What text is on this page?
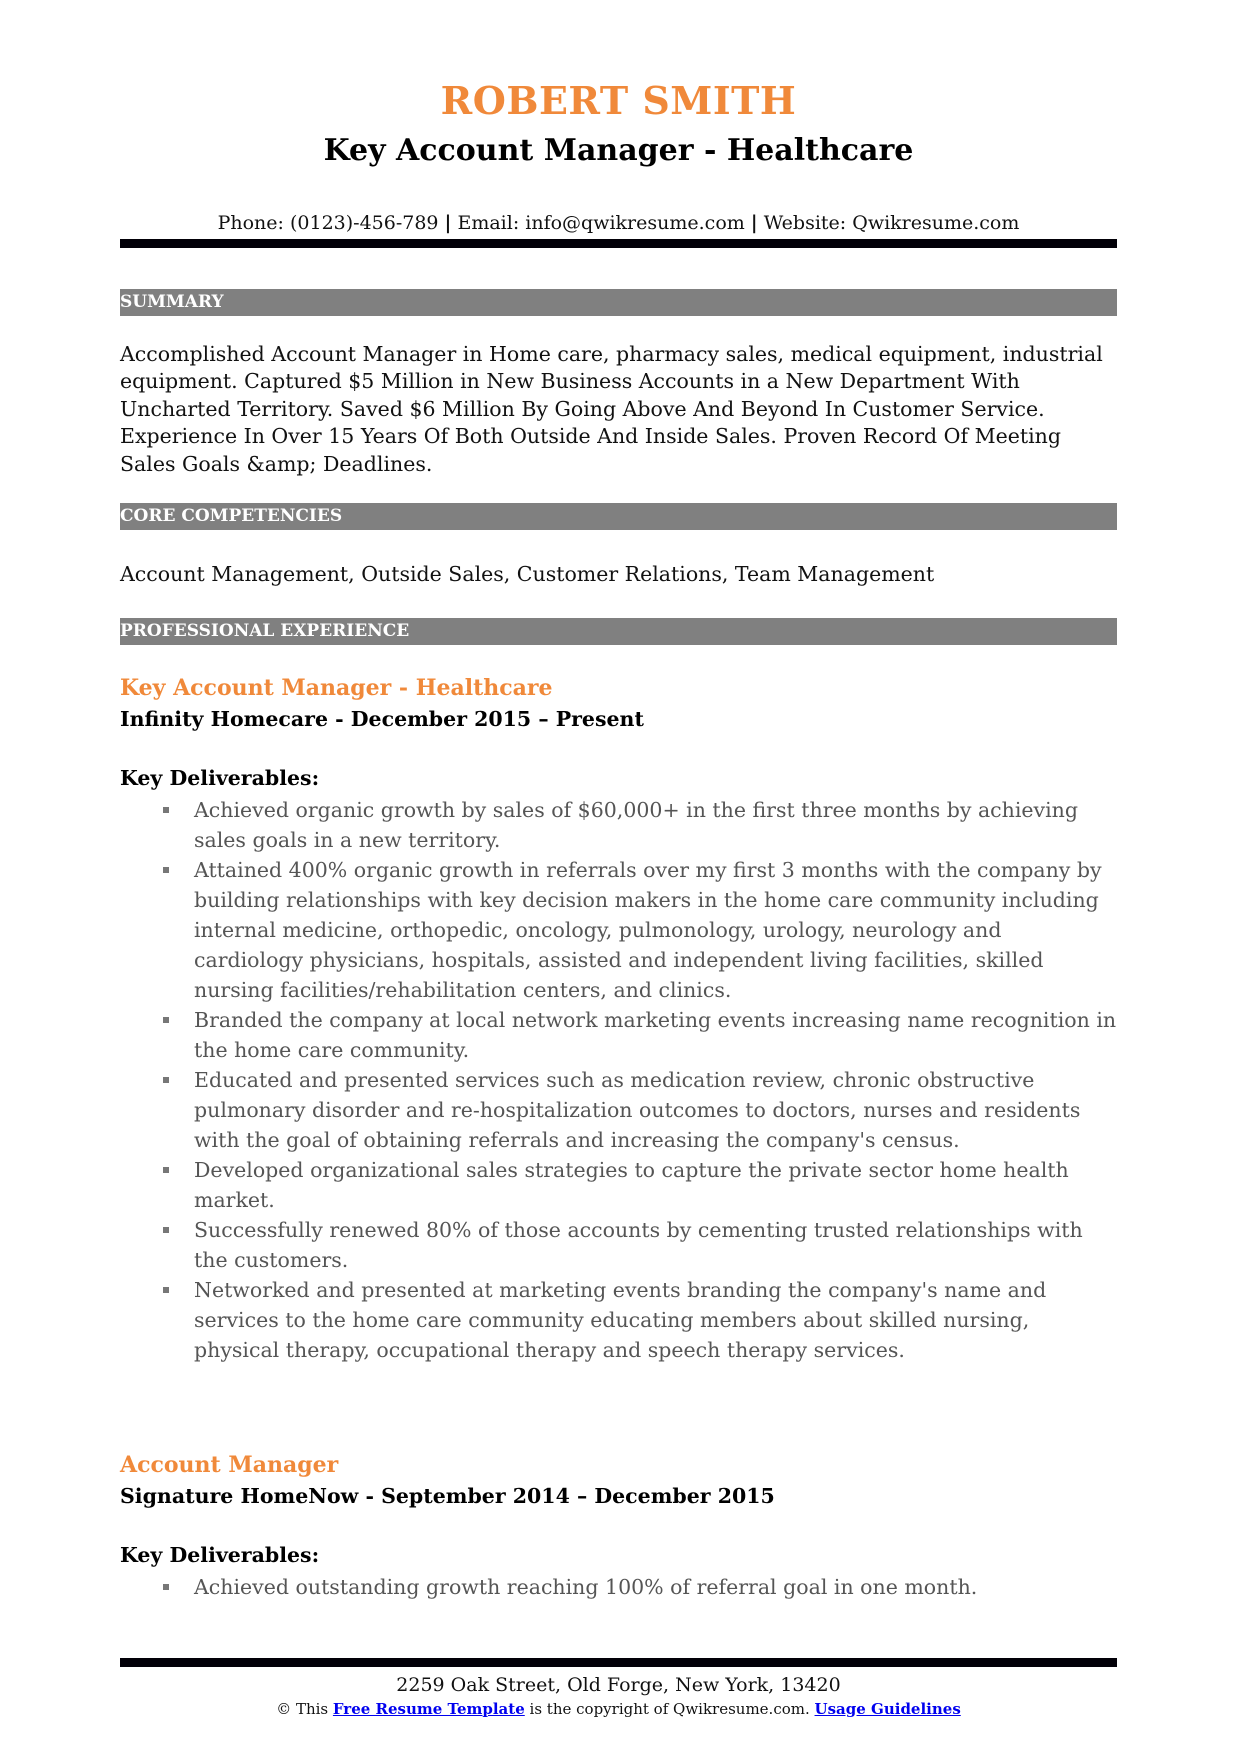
ROBERT SMITH
Key Account Manager - Healthcare
Phone: (0123)-456-789 | Email: info@qwikresume.com | Website: Qwikresume.com
SUMMARY
Accomplished Account Manager in Home care, pharmacy sales, medical equipment, industrial equipment. Captured $5 Million in New Business Accounts in a New Department With Uncharted Territory. Saved $6 Million By Going Above And Beyond In Customer Service. Experience In Over 15 Years Of Both Outside And Inside Sales. Proven Record Of Meeting Sales Goals &amp; Deadlines.
CORE COMPETENCIES
Account Management, Outside Sales, Customer Relations, Team Management
PROFESSIONAL EXPERIENCE
Key Account Manager - Healthcare
Infinity Homecare - December 2015 – Present
Key Deliverables:
Achieved organic growth by sales of $60,000+ in the first three months by achieving sales goals in a new territory.
Attained 400% organic growth in referrals over my first 3 months with the company by building relationships with key decision makers in the home care community including internal medicine, orthopedic, oncology, pulmonology, urology, neurology and cardiology physicians, hospitals, assisted and independent living facilities, skilled nursing facilities/rehabilitation centers, and clinics.
Branded the company at local network marketing events increasing name recognition in the home care community.
Educated and presented services such as medication review, chronic obstructive pulmonary disorder and re-hospitalization outcomes to doctors, nurses and residents with the goal of obtaining referrals and increasing the company's census.
Developed organizational sales strategies to capture the private sector home health market.
Successfully renewed 80% of those accounts by cementing trusted relationships with the customers.
Networked and presented at marketing events branding the company's name and services to the home care community educating members about skilled nursing, physical therapy, occupational therapy and speech therapy services.
Account Manager
Signature HomeNow - September 2014 – December 2015
Key Deliverables:
Achieved outstanding growth reaching 100% of referral goal in one month.
2259 Oak Street, Old Forge, New York, 13420
© This Free Resume Template is the copyright of Qwikresume.com. Usage Guidelines
